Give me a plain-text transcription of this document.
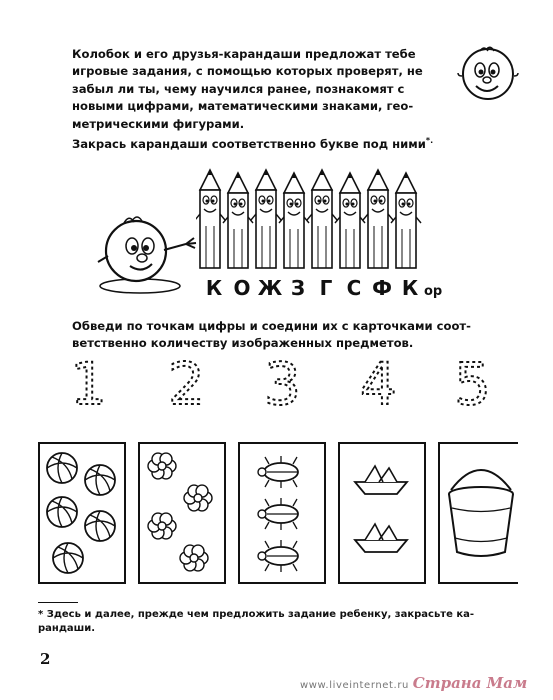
Колобок и его друзья-карандаши предложат тебе
игровые задания, с помощью которых проверят, не
забыл ли ты, чему научился ранее, познакомят с
новыми цифрами, математическими знаками, гео-
метрическими фигурами.

Закрась карандаши соответственно букве под ними*.

К О Ж З Г С Ф К ор

Обведи по точкам цифры и соедини их с карточками соот-
ветственно количеству изображенных предметов.

1 2 3 4 5

* Здесь и далее, прежде чем предложить задание ребенку, закрасьте ка-
рандаши.

2
www.liveinternet.ru Страна Мам
